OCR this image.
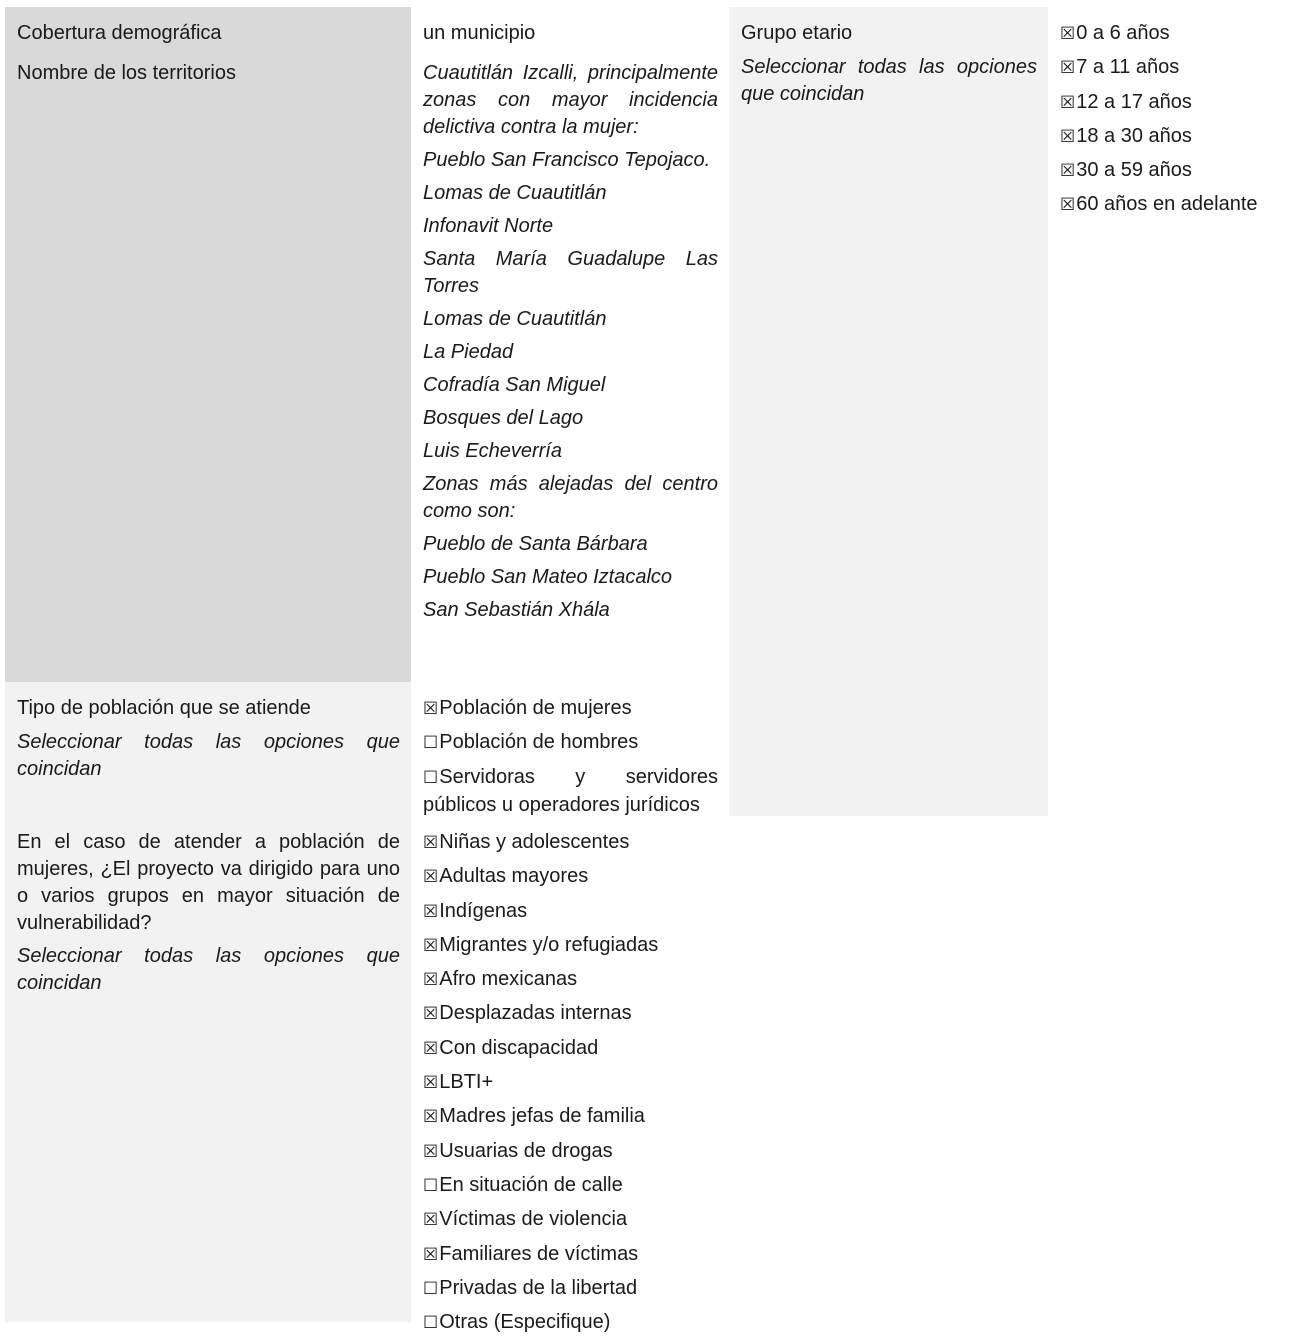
Cobertura demográfica

Nombre de los territorios

un municipio

Cuautitlán Izcalli, principalmente zonas con mayor incidencia delictiva contra la mujer:

Pueblo San Francisco Tepojaco.

Lomas de Cuautitlán

Infonavit Norte

Santa María Guadalupe Las Torres

Lomas de Cuautitlán

La Piedad

Cofradía San Miguel

Bosques del Lago

Luis Echeverría

Zonas más alejadas del centro como son:

Pueblo de Santa Bárbara

Pueblo San Mateo Iztacalco

San Sebastián Xhála

Grupo etario

Seleccionar todas las opciones que coincidan

☒0 a 6 años
☒7 a 11 años
☒12 a 17 años
☒18 a 30 años
☒30 a 59 años
☒60 años en adelante

Tipo de población que se atiende

Seleccionar todas las opciones que coincidan

☒Población de mujeres
☐Población de hombres
☐Servidoras y servidores públicos u operadores jurídicos

En el caso de atender a población de mujeres, ¿El proyecto va dirigido para uno o varios grupos en mayor situación de vulnerabilidad?

Seleccionar todas las opciones que coincidan

☒Niñas y adolescentes
☒Adultas mayores
☒Indígenas
☒Migrantes y/o refugiadas
☒Afro mexicanas
☒Desplazadas internas
☒Con discapacidad
☒LBTI+
☒Madres jefas de familia
☒Usuarias de drogas
☐En situación de calle
☒Víctimas de violencia
☒Familiares de víctimas
☐Privadas de la libertad
☐Otras (Especifique)
